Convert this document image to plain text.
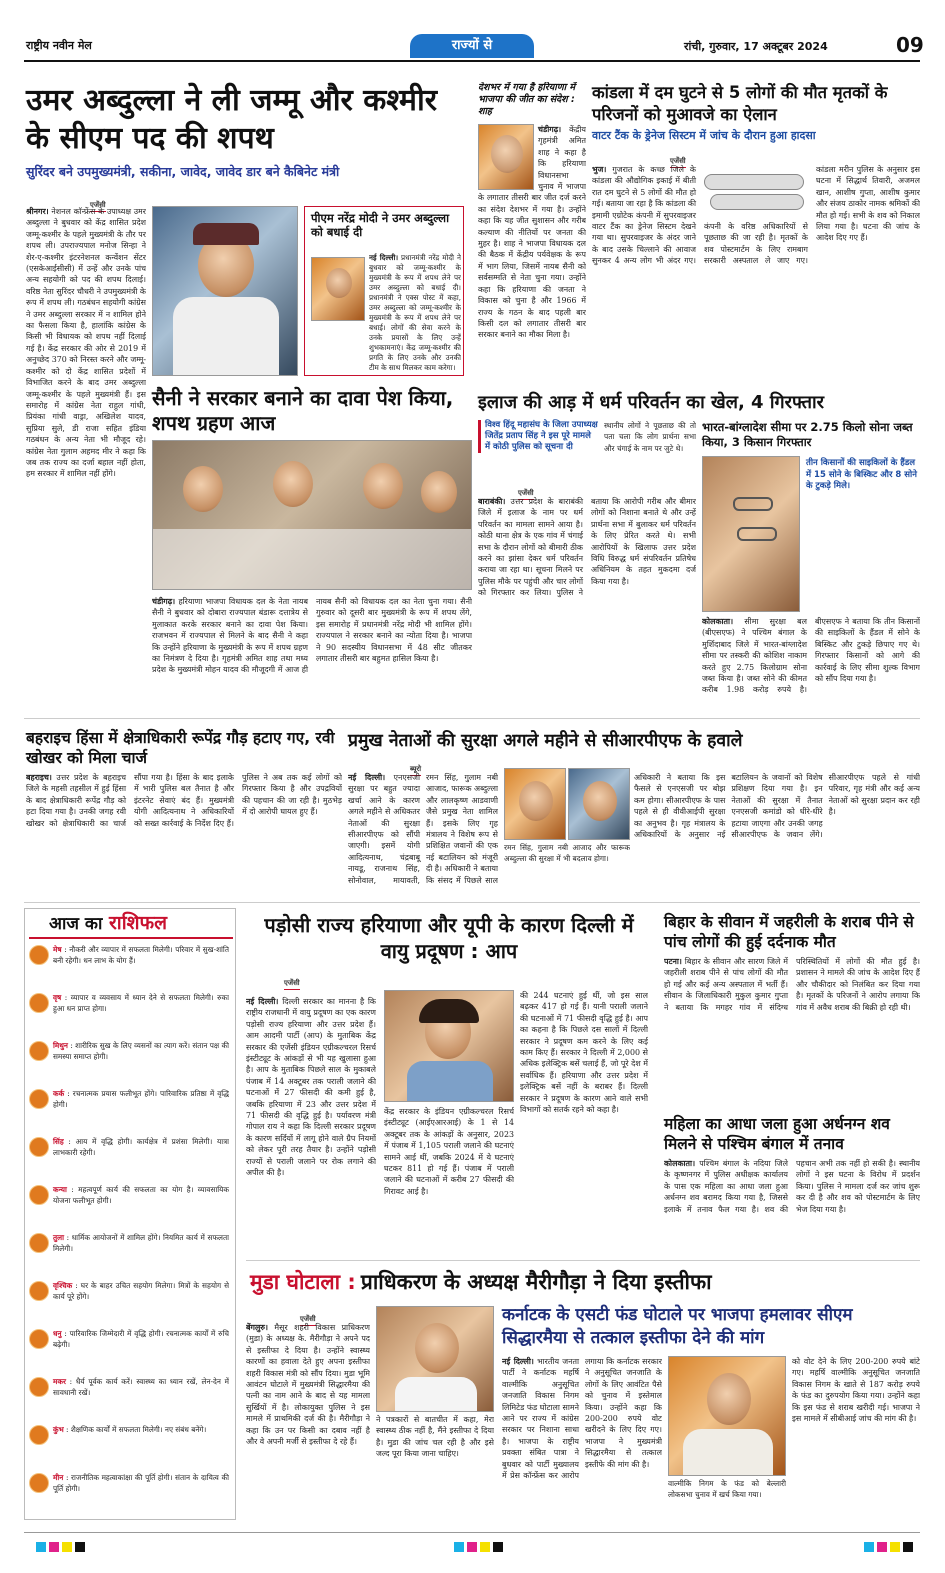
राष्ट्रीय नवीन मेल	राज्यों से	रांची, गुरुवार, 17 अक्टूबर 2024	09
उमर अब्दुल्ला ने ली जम्मू और कश्मीर के सीएम पद की शपथ
सुरिंदर बने उपमुख्यमंत्री, सकीना, जावेद, जावेद डार बने कैबिनेट मंत्री
एजेंसी

श्रीनगर। नेशनल कॉन्फ्रेंस के उपाध्यक्ष उमर अब्दुल्ला ने बुधवार को केंद्र शासित प्रदेश जम्मू-कश्मीर के पहले मुख्यमंत्री के तौर पर शपथ ली। उपराज्यपाल मनोज सिन्हा ने शेर-ए-कश्मीर इंटरनेशनल कन्वेंशन सेंटर (एसकेआईसीसी) में उन्हें और उनके पांच अन्य सहयोगी को पद की शपथ दिलाई। वरिष्ठ नेता सुरिंदर चौधरी ने उपमुख्यमंत्री के रूप में शपथ ली। गठबंधन सहयोगी कांग्रेस ने उमर अब्दुल्ला सरकार में न शामिल होने का फैसला किया है, हालांकि कांग्रेस के किसी भी विधायक को शपथ नहीं दिलाई गई है। केंद्र सरकार की ओर से 2019 में अनुच्छेद 370 को निरस्त करने और जम्मू-कश्मीर को दो केंद्र शासित प्रदेशों में विभाजित करने के बाद उमर अब्दुल्ला जम्मू-कश्मीर के पहले मुख्यमंत्री हैं। इस समारोह में कांग्रेस नेता राहुल गांधी, प्रियंका गांधी वाड्रा, अखिलेश यादव, सुप्रिया सुले, डी राजा सहित इंडिया गठबंधन के अन्य नेता भी मौजूद रहे। कांग्रेस नेता गुलाम अहमद मीर ने कहा कि जब तक राज्य का दर्जा बहाल नहीं होता, हम सरकार में शामिल नहीं होंगे।

पीएम नरेंद्र मोदी ने उमर अब्दुल्ला को बधाई दी

नई दिल्ली। प्रधानमंत्री नरेंद्र मोदी ने बुधवार को जम्मू-कश्मीर के मुख्यमंत्री के रूप में शपथ लेने पर उमर अब्दुल्ला को बधाई दी। प्रधानमंत्री ने एक्स पोस्ट में कहा, उमर अब्दुल्ला को जम्मू-कश्मीर के मुख्यमंत्री के रूप में शपथ लेने पर बधाई। लोगों की सेवा करने के उनके प्रयासों के लिए उन्हें शुभकामनाएं। केंद्र जम्मू-कश्मीर की प्रगति के लिए उनके और उनकी टीम के साथ मिलकर काम करेगा।

सैनी ने सरकार बनाने का दावा पेश किया, शपथ ग्रहण आज

चंडीगढ़। हरियाणा भाजपा विधायक दल के नेता नायब सैनी ने बुधवार को दोबारा राज्यपाल बंडारू दत्तात्रेय से मुलाकात करके सरकार बनाने का दावा पेश किया। राजभवन में राज्यपाल से मिलने के बाद सैनी ने कहा कि उन्होंने हरियाणा के मुख्यमंत्री के रूप में शपथ ग्रहण का निमंत्रण दे दिया है। गृहमंत्री अमित शाह तथा मध्य प्रदेश के मुख्यमंत्री मोहन यादव की मौजूदगी में आज ही नायब सैनी को विधायक दल का नेता चुना गया। सैनी गुरुवार को दूसरी बार मुख्यमंत्री के रूप में शपथ लेंगे, इस समारोह में प्रधानमंत्री नरेंद्र मोदी भी शामिल होंगे। राज्यपाल ने सरकार बनाने का न्योता दिया है। भाजपा ने 90 सदस्यीय विधानसभा में 48 सीट जीतकर लगातार तीसरी बार बहुमत हासिल किया है।

देशभर में गया है हरियाणा में भाजपा की जीत का संदेश : शाह

चंडीगढ़। केंद्रीय गृहमंत्री अमित शाह ने कहा है कि हरियाणा विधानसभा चुनाव में भाजपा के लगातार तीसरी बार जीत दर्ज करने का संदेश देशभर में गया है। उन्होंने कहा कि यह जीत सुशासन और गरीब कल्याण की नीतियों पर जनता की मुहर है। शाह ने भाजपा विधायक दल की बैठक में केंद्रीय पर्यवेक्षक के रूप में भाग लिया, जिसमें नायब सैनी को सर्वसम्मति से नेता चुना गया। उन्होंने कहा कि हरियाणा की जनता ने विकास को चुना है और 1966 में राज्य के गठन के बाद पहली बार किसी दल को लगातार तीसरी बार सरकार बनाने का मौका मिला है।

कांडला में दम घुटने से 5 लोगों की मौत मृतकों के परिजनों को मुआवजे का ऐलान
वाटर टैंक के ड्रेनेज सिस्टम में जांच के दौरान हुआ हादसा
एजेंसी

भुज। गुजरात के कच्छ जिले के कांडला की औद्योगिक इकाई में बीती रात दम घुटने से 5 लोगों की मौत हो गई। बताया जा रहा है कि कांडला की इमामी एग्रोटेक कंपनी में सुपरवाइजर वाटर टैंक का ड्रेनेज सिस्टम देखने गया था। सुपरवाइजर के अंदर जाने के बाद उसके चिल्लाने की आवाज सुनकर 4 अन्य लोग भी अंदर गए। कंपनी के वरिष्ठ अधिकारियों से पूछताछ की जा रही है। मृतकों के शव पोस्टमार्टम के लिए रामबाग सरकारी अस्पताल ले जाए गए। कांडला मरीन पुलिस के अनुसार इस घटना में सिद्धार्थ तिवारी, अजमल खान, आशीष गुप्ता, आशीष कुमार और संजय ठाकोर नामक श्रमिकों की मौत हो गई। सभी के शव को निकाल लिया गया है। घटना की जांच के आदेश दिए गए हैं।

इलाज की आड़ में धर्म परिवर्तन का खेल, 4 गिरफ्तार
विश्व हिंदू महासंघ के जिला उपाध्यक्ष जितेंद्र प्रताप सिंह ने इस पूरे मामले में कोठी पुलिस को सूचना दी
एजेंसी

बाराबंकी। उत्तर प्रदेश के बाराबंकी जिले में इलाज के नाम पर धर्म परिवर्तन का मामला सामने आया है। कोठी थाना क्षेत्र के एक गांव में चंगाई सभा के दौरान लोगों को बीमारी ठीक करने का झांसा देकर धर्म परिवर्तन कराया जा रहा था। सूचना मिलने पर पुलिस मौके पर पहुंची और चार लोगों को गिरफ्तार कर लिया। पुलिस ने बताया कि आरोपी गरीब और बीमार लोगों को निशाना बनाते थे और उन्हें प्रार्थना सभा में बुलाकर धर्म परिवर्तन के लिए प्रेरित करते थे। सभी आरोपियों के खिलाफ उत्तर प्रदेश विधि विरुद्ध धर्म संपरिवर्तन प्रतिषेध अधिनियम के तहत मुकदमा दर्ज किया गया है।

स्थानीय लोगों ने पूछताछ की तो पता चला कि लोग प्रार्थना सभा और चंगाई के नाम पर जुटे थे।

भारत-बांग्लादेश सीमा पर 2.75 किलो सोना जब्त किया, 3 किसान गिरफ्तार
तीन किसानों की साइकिलों के हैंडल में 15 सोने के बिस्किट और 8 सोने के टुकड़े मिले।

कोलकाता। सीमा सुरक्षा बल (बीएसएफ) ने पश्चिम बंगाल के मुर्शिदाबाद जिले में भारत-बांग्लादेश सीमा पर तस्करी की कोशिश नाकाम करते हुए 2.75 किलोग्राम सोना जब्त किया है। जब्त सोने की कीमत करीब 1.98 करोड़ रुपये है। बीएसएफ ने बताया कि तीन किसानों की साइकिलों के हैंडल में सोने के बिस्किट और टुकड़े छिपाए गए थे। गिरफ्तार किसानों को आगे की कार्रवाई के लिए सीमा शुल्क विभाग को सौंप दिया गया है।

बहराइच हिंसा में क्षेत्राधिकारी रूपेंद्र गौड़ हटाए गए, रवी खोखर को मिला चार्ज

बहराइच। उत्तर प्रदेश के बहराइच जिले के महसी तहसील में हुई हिंसा के बाद क्षेत्राधिकारी रूपेंद्र गौड़ को हटा दिया गया है। उनकी जगह रवी खोखर को क्षेत्राधिकारी का चार्ज सौंपा गया है। हिंसा के बाद इलाके में भारी पुलिस बल तैनात है और इंटरनेट सेवाएं बंद हैं। मुख्यमंत्री योगी आदित्यनाथ ने अधिकारियों को सख्त कार्रवाई के निर्देश दिए हैं। पुलिस ने अब तक कई लोगों को गिरफ्तार किया है और उपद्रवियों की पहचान की जा रही है। मुठभेड़ में दो आरोपी घायल हुए हैं।

प्रमुख नेताओं की सुरक्षा अगले महीने से सीआरपीएफ के हवाले
ब्यूरो

नई दिल्ली। एनएसजी सुरक्षा पर बहुत ज्यादा खर्चा आने के कारण अगले महीने से अधिकतर नेताओं की सुरक्षा सीआरपीएफ को सौंपी जाएगी। इसमें योगी आदित्यनाथ, चंद्रबाबू नायडू, राजनाथ सिंह, सोनोवाल, मायावती, रमन सिंह, गुलाम नबी आजाद, फारूक अब्दुल्ला और लालकृष्ण आडवाणी जैसे प्रमुख नेता शामिल हैं। इसके लिए गृह मंत्रालय ने विशेष रूप से प्रशिक्षित जवानों की एक नई बटालियन को मंजूरी दी है। अधिकारी ने बताया कि संसद में पिछले साल

अधिकारी ने बताया कि इस फैसले से एनएसजी पर बोझ कम होगा। सीआरपीएफ के पास पहले से ही वीवीआईपी सुरक्षा का अनुभव है। गृह मंत्रालय के अधिकारियों के अनुसार नई बटालियन के जवानों को विशेष प्रशिक्षण दिया गया है। इन नेताओं की सुरक्षा में तैनात एनएसजी कमांडो को धीरे-धीरे हटाया जाएगा और उनकी जगह सीआरपीएफ के जवान लेंगे। सीआरपीएफ पहले से गांधी परिवार, गृह मंत्री और कई अन्य नेताओं को सुरक्षा प्रदान कर रही है।

रमन सिंह, गुलाम नबी आजाद और फारूक अब्दुल्ला की सुरक्षा में भी बदलाव होगा।

आज का राशिफल

मेष : नौकरी और व्यापार में सफलता मिलेगी। परिवार में सुख-शांति बनी रहेगी। धन लाभ के योग हैं।

वृष : व्यापार व व्यवसाय में ध्यान देने से सफलता मिलेगी। रुका हुआ धन प्राप्त होगा।

मिथुन : शारीरिक सुख के लिए व्यसनों का त्याग करें। संतान पक्ष की समस्या समाप्त होगी।

कर्क : रचनात्मक प्रयास फलीभूत होंगे। पारिवारिक प्रतिष्ठा में वृद्धि होगी।

सिंह : आय में वृद्धि होगी। कार्यक्षेत्र में प्रशंसा मिलेगी। यात्रा लाभकारी रहेगी।

कन्या : महत्वपूर्ण कार्य की सफलता का योग है। व्यावसायिक योजना फलीभूत होगी।

तुला : धार्मिक आयोजनों में शामिल होंगे। नियमित कार्य में सफलता मिलेगी।

वृश्चिक : घर के बाहर उचित सहयोग मिलेगा। मित्रों के सहयोग से कार्य पूरे होंगे।

धनु : पारिवारिक जिम्मेदारी में वृद्धि होगी। रचनात्मक कार्यों में रुचि बढ़ेगी।

मकर : धैर्य पूर्वक कार्य करें। स्वास्थ्य का ध्यान रखें, लेन-देन में सावधानी रखें।

कुंभ : शैक्षणिक कार्यों में सफलता मिलेगी। नए संबंध बनेंगे।

मीन : राजनीतिक महत्वाकांक्षा की पूर्ति होगी। संतान के दायित्व की पूर्ति होगी।

पड़ोसी राज्य हरियाणा और यूपी के कारण दिल्ली में वायु प्रदूषण : आप
एजेंसी

नई दिल्ली। दिल्ली सरकार का मानना है कि राष्ट्रीय राजधानी में वायु प्रदूषण का एक कारण पड़ोसी राज्य हरियाणा और उत्तर प्रदेश हैं। आम आदमी पार्टी (आप) के मुताबिक केंद्र सरकार की एजेंसी इंडियन एग्रीकल्चरल रिसर्च इंस्टीट्यूट के आंकड़ों से भी यह खुलासा हुआ है। आप के मुताबिक पिछले साल के मुकाबले पंजाब में 14 अक्टूबर तक पराली जलाने की घटनाओं में 27 फीसदी की कमी हुई है, जबकि हरियाणा में 23 और उत्तर प्रदेश में 71 फीसदी की वृद्धि हुई है। पर्यावरण मंत्री गोपाल राय ने कहा कि दिल्ली सरकार प्रदूषण के कारण सर्दियों में लागू होने वाले ग्रैप नियमों को लेकर पूरी तरह तैयार है। उन्होंने पड़ोसी राज्यों से पराली जलाने पर रोक लगाने की अपील की है।

केंद्र सरकार के इंडियन एग्रीकल्चरल रिसर्च इंस्टीट्यूट (आईएआरआई) के 1 से 14 अक्टूबर तक के आंकड़ों के अनुसार, 2023 में पंजाब में 1,105 पराली जलाने की घटनाएं सामने आई थीं, जबकि 2024 में ये घटनाएं घटकर 811 हो गई हैं। पंजाब में पराली जलाने की घटनाओं में करीब 27 फीसदी की गिरावट आई है।

की 244 घटनाएं हुई थीं, जो इस साल बढ़कर 417 हो गई हैं। यानी पराली जलाने की घटनाओं में 71 फीसदी वृद्धि हुई है। आप का कहना है कि पिछले दस सालों में दिल्ली सरकार ने प्रदूषण कम करने के लिए कई काम किए हैं। सरकार ने दिल्ली में 2,000 से अधिक इलेक्ट्रिक बसें चलाई हैं, जो पूरे देश में सर्वाधिक हैं। हरियाणा और उत्तर प्रदेश में इलेक्ट्रिक बसें नहीं के बराबर हैं। दिल्ली सरकार ने प्रदूषण के कारण आने वाले सभी विभागों को सतर्क रहने को कहा है।

बिहार के सीवान में जहरीली के शराब पीने से पांच लोगों की हुई दर्दनाक मौत

पटना। बिहार के सीवान और सारण जिले में जहरीली शराब पीने से पांच लोगों की मौत हो गई और कई अन्य अस्पताल में भर्ती हैं। सीवान के जिलाधिकारी मुकुल कुमार गुप्ता ने बताया कि मगहर गांव में संदिग्ध परिस्थितियों में लोगों की मौत हुई है। प्रशासन ने मामले की जांच के आदेश दिए हैं और चौकीदार को निलंबित कर दिया गया है। मृतकों के परिजनों ने आरोप लगाया कि गांव में अवैध शराब की बिक्री हो रही थी।

महिला का आधा जला हुआ अर्धनग्न शव मिलने से पश्चिम बंगाल में तनाव

कोलकाता। पश्चिम बंगाल के नदिया जिले के कृष्णनगर में पुलिस अधीक्षक कार्यालय के पास एक महिला का आधा जला हुआ अर्धनग्न शव बरामद किया गया है, जिससे इलाके में तनाव फैल गया है। शव की पहचान अभी तक नहीं हो सकी है। स्थानीय लोगों ने इस घटना के विरोध में प्रदर्शन किया। पुलिस ने मामला दर्ज कर जांच शुरू कर दी है और शव को पोस्टमार्टम के लिए भेज दिया गया है।

मुडा घोटाला : प्राधिकरण के अध्यक्ष मैरीगौड़ा ने दिया इस्तीफा
एजेंसी

बेंगलुरु। मैसूर शहरी विकास प्राधिकरण (मुडा) के अध्यक्ष के. मैरीगौड़ा ने अपने पद से इस्तीफा दे दिया है। उन्होंने स्वास्थ्य कारणों का हवाला देते हुए अपना इस्तीफा शहरी विकास मंत्री को सौंप दिया। मुडा भूमि आवंटन घोटाले में मुख्यमंत्री सिद्धारमैया की पत्नी का नाम आने के बाद से यह मामला सुर्खियों में है। लोकायुक्त पुलिस ने इस मामले में प्राथमिकी दर्ज की है। मैरीगौड़ा ने कहा कि उन पर किसी का दबाव नहीं है और वे अपनी मर्जी से इस्तीफा दे रहे हैं।

ने पत्रकारों से बातचीत में कहा, मेरा स्वास्थ्य ठीक नहीं है, मैंने इस्तीफा दे दिया है। मुडा की जांच चल रही है और इसे जल्द पूरा किया जाना चाहिए।

कर्नाटक के एसटी फंड घोटाले पर भाजपा हमलावर सीएम सिद्धारमैया से तत्काल इस्तीफा देने की मांग

नई दिल्ली। भारतीय जनता पार्टी ने कर्नाटक महर्षि वाल्मीकि अनुसूचित जनजाति विकास निगम लिमिटेड फंड घोटाला सामने आने पर राज्य में कांग्रेस सरकार पर निशाना साधा है। भाजपा के राष्ट्रीय प्रवक्ता संबित पात्रा ने बुधवार को पार्टी मुख्यालय में प्रेस कॉन्फ्रेंस कर आरोप लगाया कि कर्नाटक सरकार ने अनुसूचित जनजाति के लोगों के लिए आवंटित पैसे को चुनाव में इस्तेमाल किया। उन्होंने कहा कि 200-200 रुपये वोट खरीदने के लिए दिए गए। भाजपा ने मुख्यमंत्री सिद्धारमैया से तत्काल इस्तीफे की मांग की है।

वाल्मीकि निगम के फंड को बेल्लारी लोकसभा चुनाव में खर्च किया गया।

को वोट देने के लिए 200-200 रुपये बांटे गए। महर्षि वाल्मीकि अनुसूचित जनजाति विकास निगम के खाते से 187 करोड़ रुपये के फंड का दुरुपयोग किया गया। उन्होंने कहा कि इस फंड से शराब खरीदी गई। भाजपा ने इस मामले में सीबीआई जांच की मांग की है।
